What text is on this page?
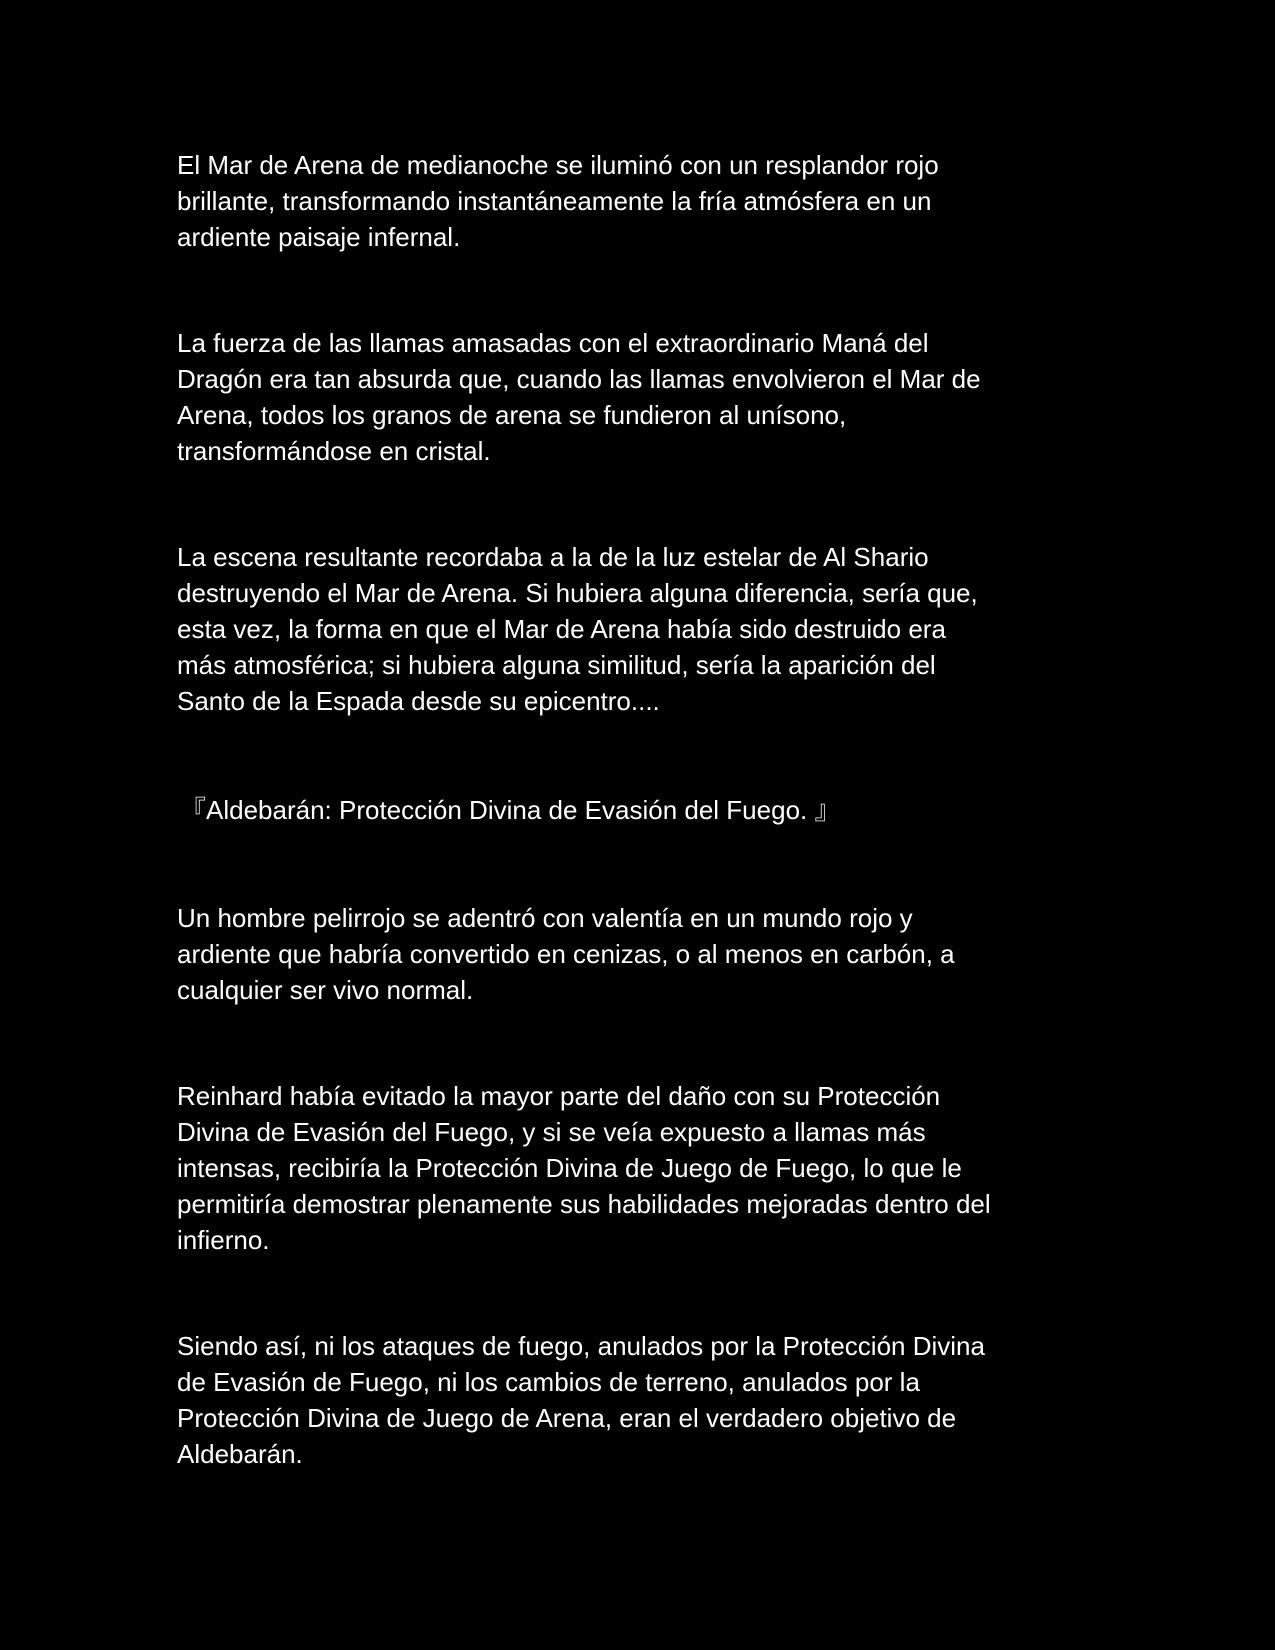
El Mar de Arena de medianoche se iluminó con un resplandor rojo
brillante, transformando instantáneamente la fría atmósfera en un
ardiente paisaje infernal.

La fuerza de las llamas amasadas con el extraordinario Maná del
Dragón era tan absurda que, cuando las llamas envolvieron el Mar de
Arena, todos los granos de arena se fundieron al unísono,
transformándose en cristal.

La escena resultante recordaba a la de la luz estelar de Al Shario
destruyendo el Mar de Arena. Si hubiera alguna diferencia, sería que,
esta vez, la forma en que el Mar de Arena había sido destruido era
más atmosférica; si hubiera alguna similitud, sería la aparición del
Santo de la Espada desde su epicentro....

『Aldebarán: Protección Divina de Evasión del Fuego. 』

Un hombre pelirrojo se adentró con valentía en un mundo rojo y
ardiente que habría convertido en cenizas, o al menos en carbón, a
cualquier ser vivo normal.

Reinhard había evitado la mayor parte del daño con su Protección
Divina de Evasión del Fuego, y si se veía expuesto a llamas más
intensas, recibiría la Protección Divina de Juego de Fuego, lo que le
permitiría demostrar plenamente sus habilidades mejoradas dentro del
infierno.

Siendo así, ni los ataques de fuego, anulados por la Protección Divina
de Evasión de Fuego, ni los cambios de terreno, anulados por la
Protección Divina de Juego de Arena, eran el verdadero objetivo de
Aldebarán.
